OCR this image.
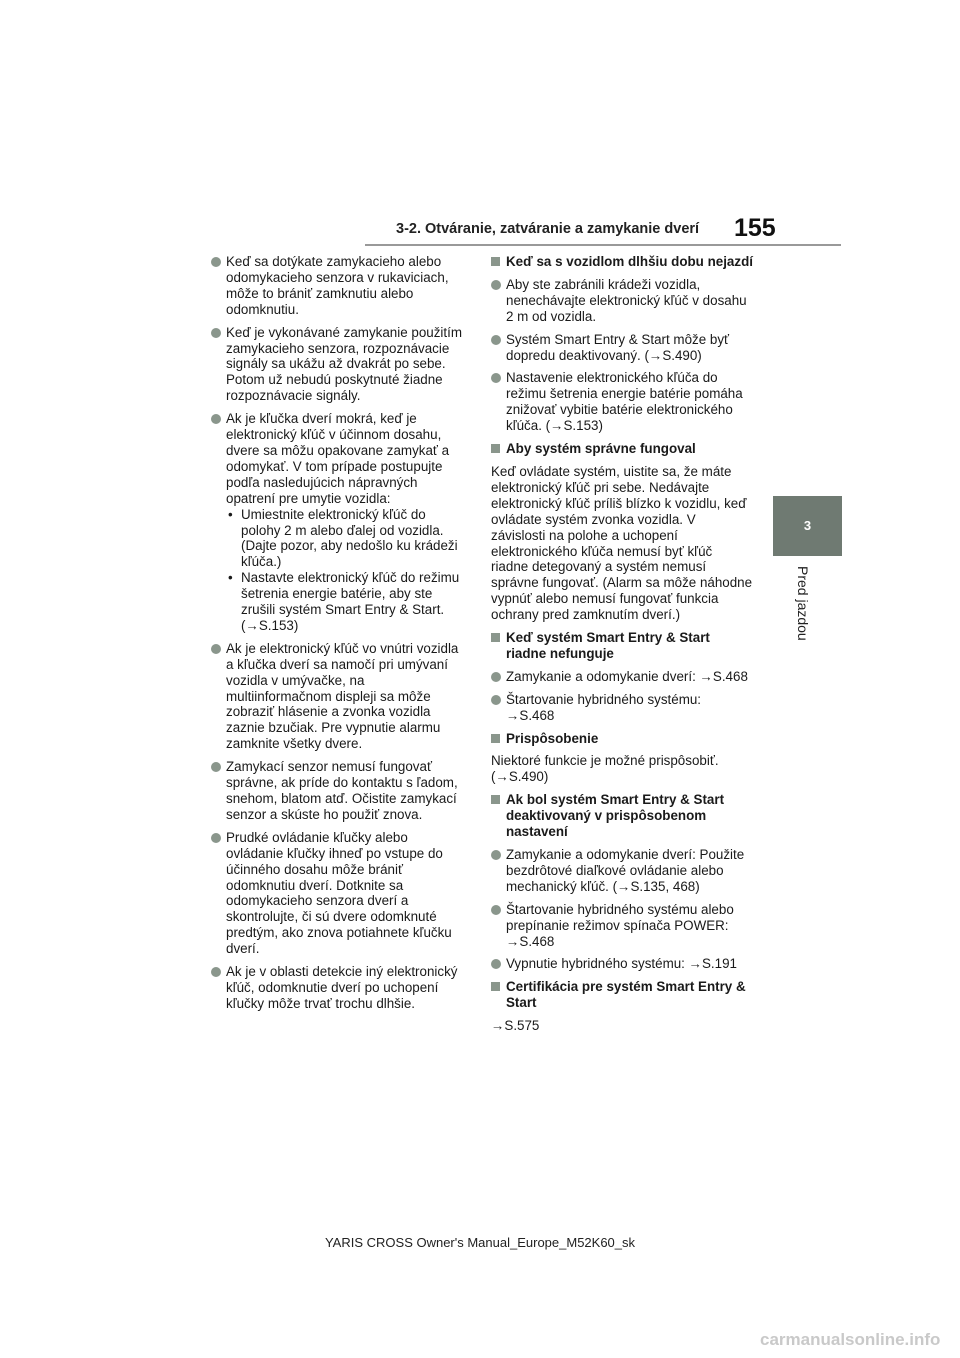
3-2. Otváranie, zatváranie a zamykanie dverí 155
3
Pred jazdou
Keď sa dotýkate zamykacieho alebo odomykacieho senzora v rukaviciach, môže to brániť zamknutiu alebo odomknutiu.
Keď je vykonávané zamykanie použitím zamykacieho senzora, rozpoznávacie signály sa ukážu až dvakrát po sebe. Potom už nebudú poskytnuté žiadne rozpoznávacie signály.
Ak je kľučka dverí mokrá, keď je elektronický kľúč v účinnom dosahu, dvere sa môžu opakovane zamykať a odomykať. V tom prípade postupujte podľa nasledujúcich nápravných opatrení pre umytie vozidla:
• Umiestnite elektronický kľúč do polohy 2 m alebo ďalej od vozidla. (Dajte pozor, aby nedošlo ku krádeži kľúča.)
• Nastavte elektronický kľúč do režimu šetrenia energie batérie, aby ste zrušili systém Smart Entry & Start. (→S.153)
Ak je elektronický kľúč vo vnútri vozidla a kľučka dverí sa namočí pri umývaní vozidla v umývačke, na multiinformačnom displeji sa môže zobraziť hlásenie a zvonka vozidla zaznie bzučiak. Pre vypnutie alarmu zamknite všetky dvere.
Zamykací senzor nemusí fungovať správne, ak príde do kontaktu s ľadom, snehom, blatom atď. Očistite zamykací senzor a skúste ho použiť znova.
Prudké ovládanie kľučky alebo ovládanie kľučky ihneď po vstupe do účinného dosahu môže brániť odomknutiu dverí. Dotknite sa odomykacieho senzora dverí a skontrolujte, či sú dvere odomknuté predtým, ako znova potiahnete kľučku dverí.
Ak je v oblasti detekcie iný elektronický kľúč, odomknutie dverí po uchopení kľučky môže trvať trochu dlhšie.
Keď sa s vozidlom dlhšiu dobu nejazdí
Aby ste zabránili krádeži vozidla, nenechávajte elektronický kľúč v dosahu 2 m od vozidla.
Systém Smart Entry & Start môže byť dopredu deaktivovaný. (→S.490)
Nastavenie elektronického kľúča do režimu šetrenia energie batérie pomáha znižovať vybitie batérie elektronického kľúča. (→S.153)
Aby systém správne fungoval
Keď ovládate systém, uistite sa, že máte elektronický kľúč pri sebe. Nedávajte elektronický kľúč príliš blízko k vozidlu, keď ovládate systém zvonka vozidla. V závislosti na polohe a uchopení elektronického kľúča nemusí byť kľúč riadne detegovaný a systém nemusí správne fungovať. (Alarm sa môže náhodne vypnúť alebo nemusí fungovať funkcia ochrany pred zamknutím dverí.)
Keď systém Smart Entry & Start riadne nefunguje
Zamykanie a odomykanie dverí: →S.468
Štartovanie hybridného systému: →S.468
Prispôsobenie
Niektoré funkcie je možné prispôsobiť. (→S.490)
Ak bol systém Smart Entry & Start deaktivovaný v prispôsobenom nastavení
Zamykanie a odomykanie dverí: Použite bezdrôtové diaľkové ovládanie alebo mechanický kľúč. (→S.135, 468)
Štartovanie hybridného systému alebo prepínanie režimov spínača POWER: →S.468
Vypnutie hybridného systému: →S.191
Certifikácia pre systém Smart Entry & Start
→S.575
YARIS CROSS Owner's Manual_Europe_M52K60_sk
carmanualsonline.info
